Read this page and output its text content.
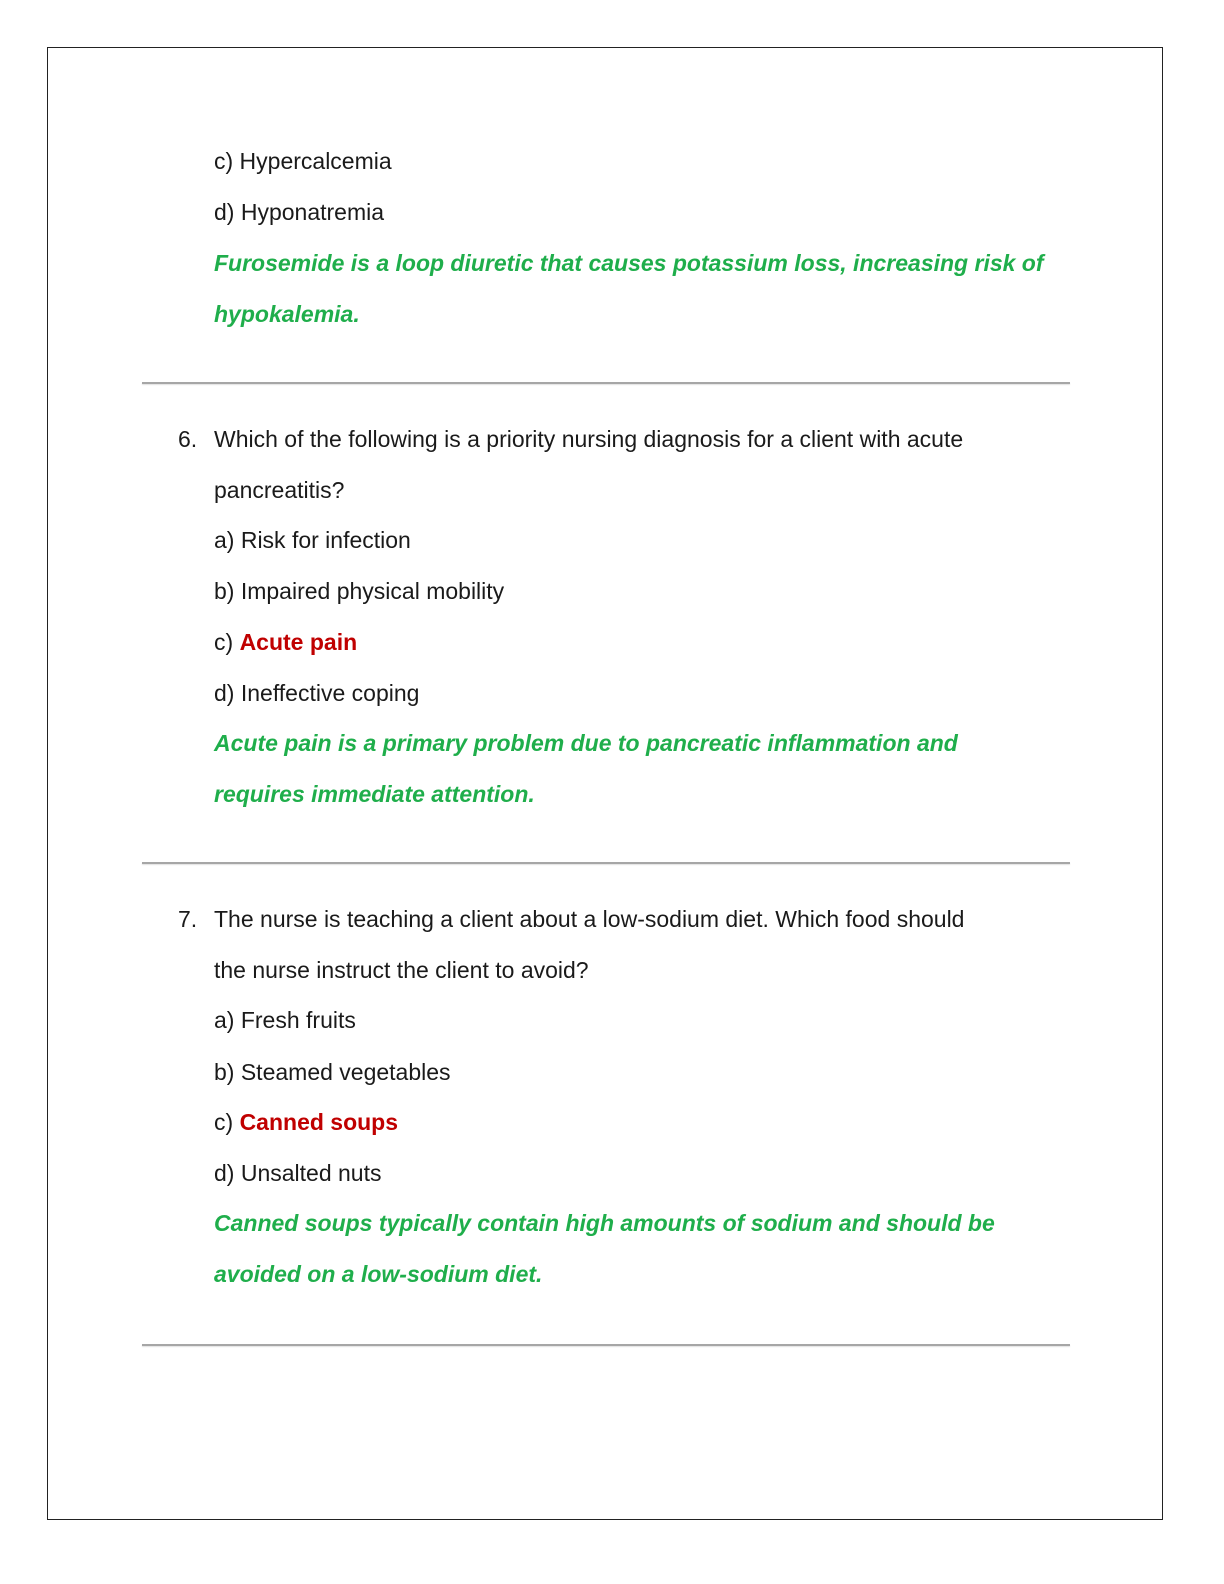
c) Hypercalcemia
d) Hyponatremia
Furosemide is a loop diuretic that causes potassium loss, increasing risk of
hypokalemia.
6. Which of the following is a priority nursing diagnosis for a client with acute
pancreatitis?
a) Risk for infection
b) Impaired physical mobility
c) Acute pain
d) Ineffective coping
Acute pain is a primary problem due to pancreatic inflammation and
requires immediate attention.
7. The nurse is teaching a client about a low-sodium diet. Which food should
the nurse instruct the client to avoid?
a) Fresh fruits
b) Steamed vegetables
c) Canned soups
d) Unsalted nuts
Canned soups typically contain high amounts of sodium and should be
avoided on a low-sodium diet.
